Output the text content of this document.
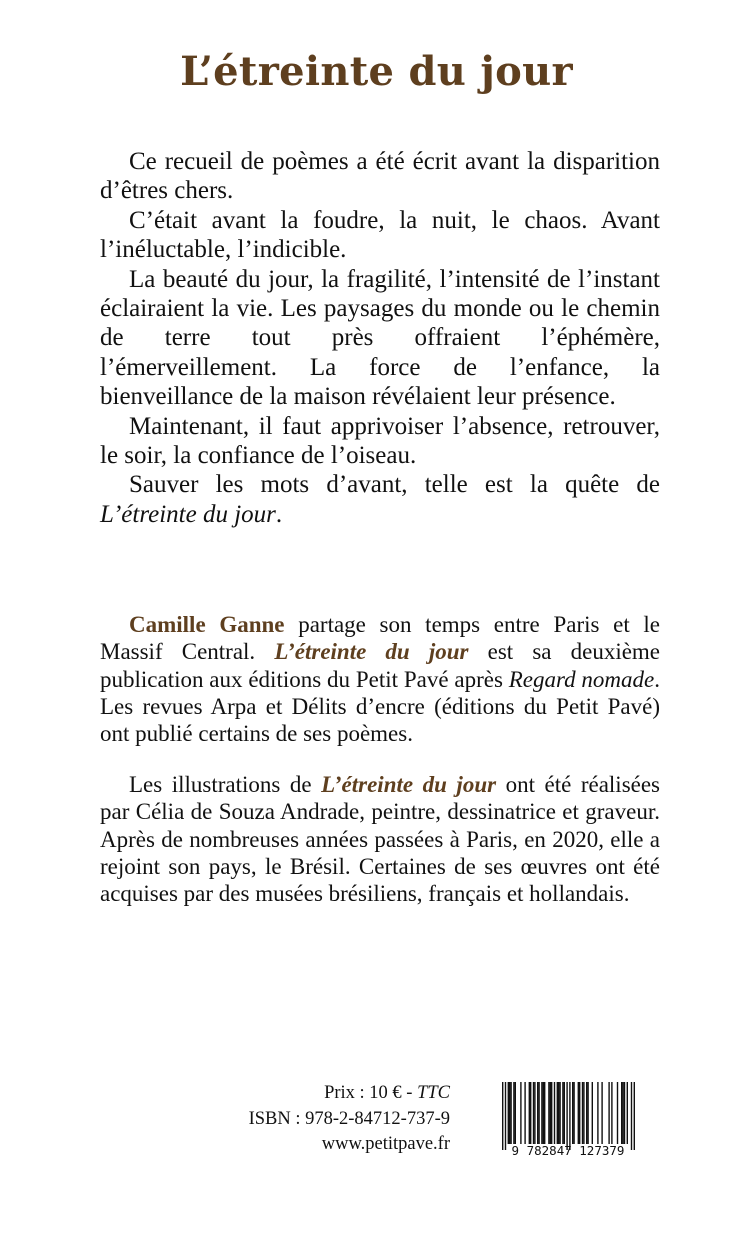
L’étreinte du jour

Ce recueil de poèmes a été écrit avant la disparition d’êtres chers.

C’était avant la foudre, la nuit, le chaos. Avant l’inéluctable, l’indicible.

La beauté du jour, la fragilité, l’intensité de l’instant éclairaient la vie. Les paysages du monde ou le chemin de terre tout près offraient l’éphémère, l’émerveillement. La force de l’enfance, la bienveillance de la maison révélaient leur présence.

Maintenant, il faut apprivoiser l’absence, retrouver, le soir, la confiance de l’oiseau.

Sauver les mots d’avant, telle est la quête de L’étreinte du jour.

Camille Ganne partage son temps entre Paris et le Massif Central. L’étreinte du jour est sa deuxième publication aux éditions du Petit Pavé après Regard nomade. Les revues Arpa et Délits d’encre (éditions du Petit Pavé) ont publié certains de ses poèmes.

Les illustrations de L’étreinte du jour ont été réalisées par Célia de Souza Andrade, peintre, dessinatrice et graveur. Après de nombreuses années passées à Paris, en 2020, elle a rejoint son pays, le Brésil. Certaines de ses œuvres ont été acquises par des musées brésiliens, français et hollandais.

Prix : 10 € - TTC
ISBN : 978-2-84712-737-9
www.petitpave.fr	9 782847 127379
